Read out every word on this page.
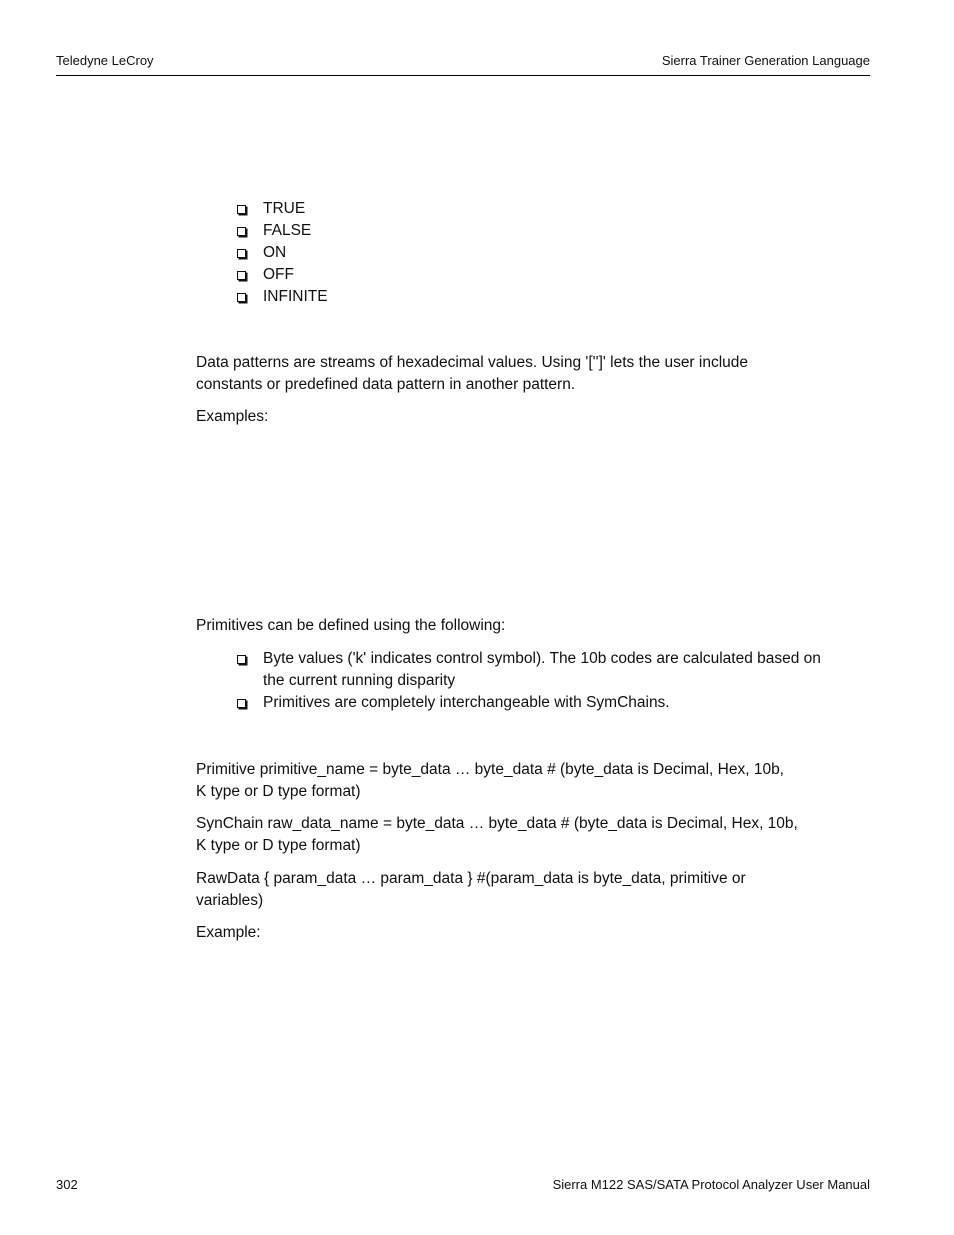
Teledyne LeCroy	Sierra Trainer Generation Language
TRUE
FALSE
ON
OFF
INFINITE
Data patterns are streams of hexadecimal values. Using '['']' lets the user include
constants or predefined data pattern in another pattern.
Examples:
Primitives can be defined using the following:
Byte values ('k' indicates control symbol). The 10b codes are calculated based on
the current running disparity
Primitives are completely interchangeable with SymChains.
Primitive primitive_name = byte_data … byte_data # (byte_data is Decimal, Hex, 10b,
K type or D type format)
SynChain raw_data_name = byte_data … byte_data # (byte_data is Decimal, Hex, 10b,
K type or D type format)
RawData { param_data … param_data } #(param_data is byte_data, primitive or
variables)
Example:
302	Sierra M122 SAS/SATA Protocol Analyzer User Manual
